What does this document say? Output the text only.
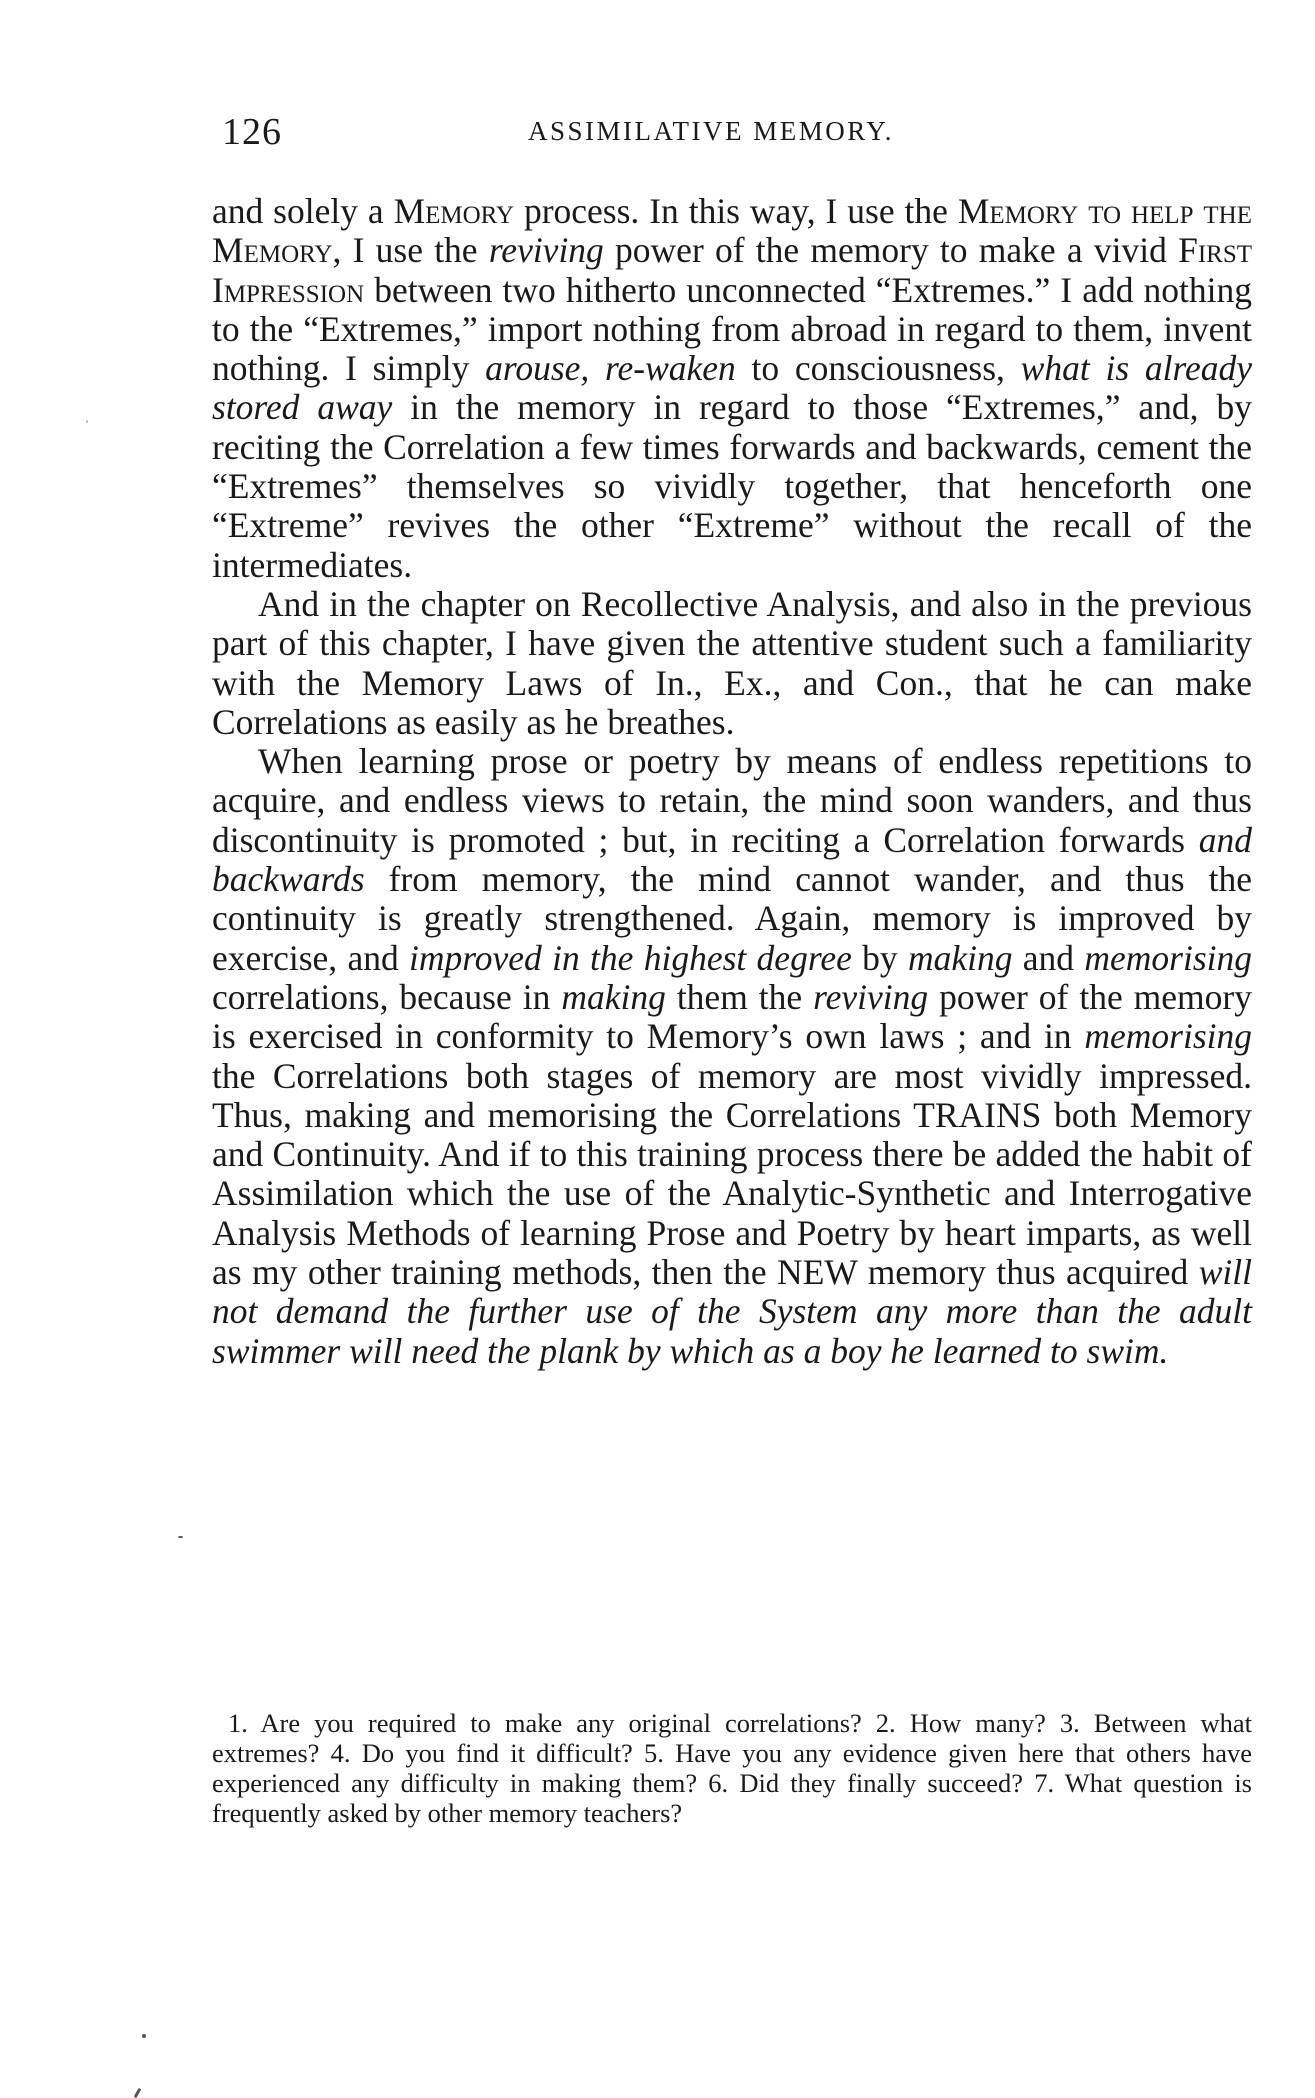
126	ASSIMILATIVE MEMORY.

and solely a Memory process. In this way, I use the Memory to help the Memory, I use the reviving power of the memory to make a vivid First Impression between two hitherto unconnected “Extremes.” I add nothing to the “Extremes,” import nothing from abroad in regard to them, invent nothing. I simply arouse, re-waken to consciousness, what is already stored away in the memory in regard to those “Extremes,” and, by reciting the Correlation a few times forwards and backwards, cement the “Extremes” themselves so vividly together, that henceforth one “Extreme” revives the other “Extreme” without the recall of the intermediates.

And in the chapter on Recollective Analysis, and also in the previous part of this chapter, I have given the attentive student such a familiarity with the Memory Laws of In., Ex., and Con., that he can make Correlations as easily as he breathes.

When learning prose or poetry by means of endless repetitions to acquire, and endless views to retain, the mind soon wanders, and thus discontinuity is promoted ; but, in reciting a Correlation forwards and backwards from memory, the mind cannot wander, and thus the continuity is greatly strengthened. Again, memory is improved by exercise, and improved in the highest degree by making and memorising correlations, because in making them the reviving power of the memory is exercised in conformity to Memory’s own laws ; and in memorising the Correlations both stages of memory are most vividly impressed. Thus, making and memorising the Correlations TRAINS both Memory and Continuity. And if to this training process there be added the habit of Assimilation which the use of the Analytic-Synthetic and Interrogative Analysis Methods of learning Prose and Poetry by heart imparts, as well as my other training methods, then the NEW memory thus acquired will not demand the further use of the System any more than the adult swimmer will need the plank by which as a boy he learned to swim.

1. Are you required to make any original correlations? 2. How many? 3. Between what extremes? 4. Do you find it difficult? 5. Have you any evidence given here that others have experienced any difficulty in making them? 6. Did they finally succeed? 7. What question is frequently asked by other memory teachers?
